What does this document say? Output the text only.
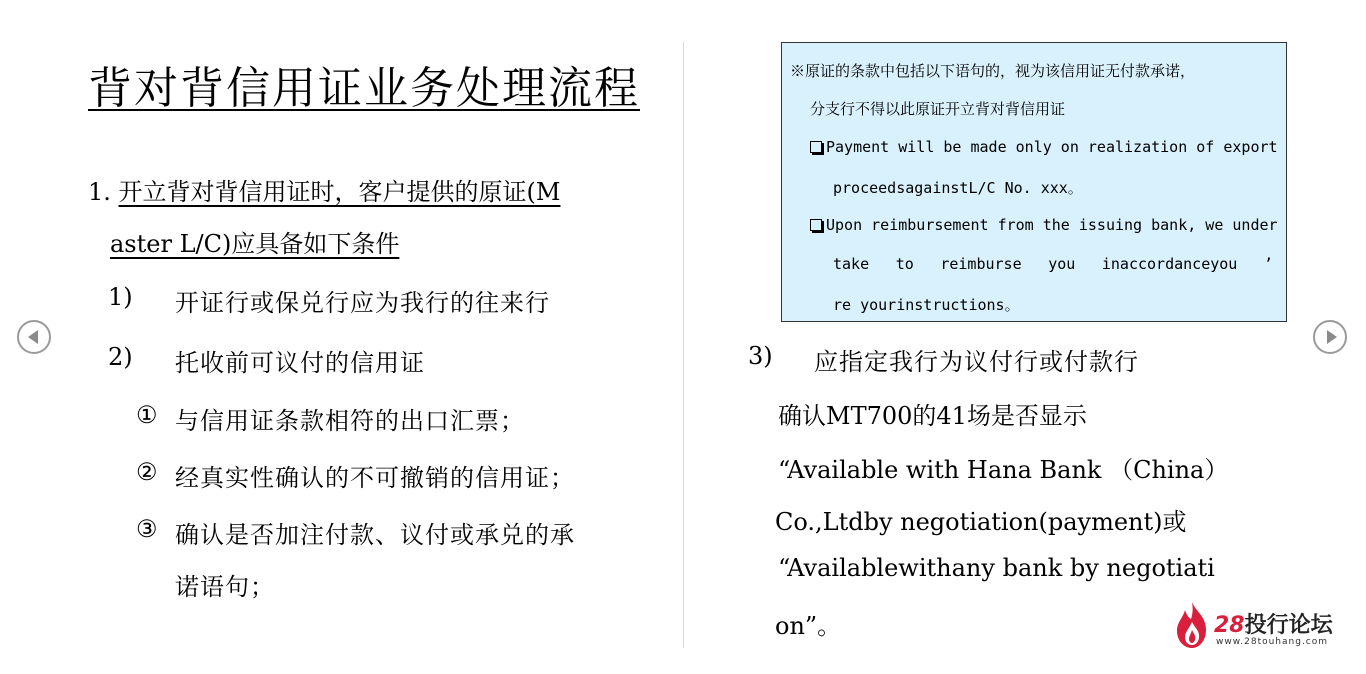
背对背信用证业务处理流程
1. 开立背对背信用证时，客户提供的原证(M
aster L/C)应具备如下条件
1) 开证行或保兑行应为我行的往来行
2) 托收前可议付的信用证
① 与信用证条款相符的出口汇票；
② 经真实性确认的不可撤销的信用证；
③ 确认是否加注付款、议付或承兑的承
诺语句；
※原证的条款中包括以下语句的，视为该信用证无付款承诺，
分支行不得以此原证开立背对背信用证
Payment will be made only on realization of export
proceedsagainstL/C No. xxx。
Upon reimbursement from the issuing bank, we under
take to reimburse you inaccordanceyou ’
re yourinstructions。
3) 应指定我行为议付行或付款行
确认MT700的41场是否显示
“Available with Hana Bank （China）
Co.,Ltdby negotiation(payment)或
“Availablewithany bank by negotiati
on”。	28投行论坛
www.28touhang.com
